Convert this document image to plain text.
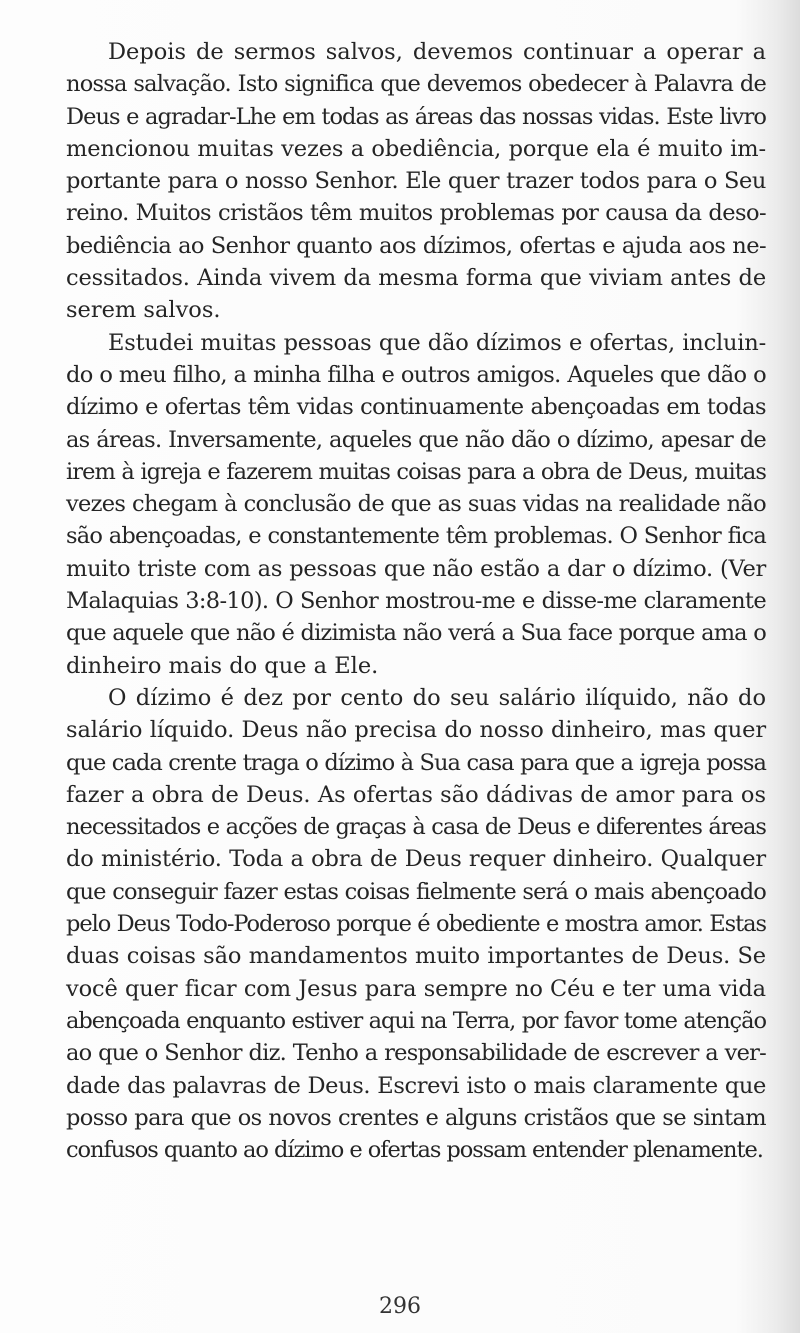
Depois de sermos salvos, devemos continuar a operar a
nossa salvação. Isto significa que devemos obedecer à Palavra de
Deus e agradar-Lhe em todas as áreas das nossas vidas. Este livro
mencionou muitas vezes a obediência, porque ela é muito im-
portante para o nosso Senhor. Ele quer trazer todos para o Seu
reino. Muitos cristãos têm muitos problemas por causa da deso-
bediência ao Senhor quanto aos dízimos, ofertas e ajuda aos ne-
cessitados. Ainda vivem da mesma forma que viviam antes de
serem salvos.

Estudei muitas pessoas que dão dízimos e ofertas, incluin-
do o meu filho, a minha filha e outros amigos. Aqueles que dão o
dízimo e ofertas têm vidas continuamente abençoadas em todas
as áreas. Inversamente, aqueles que não dão o dízimo, apesar de
irem à igreja e fazerem muitas coisas para a obra de Deus, muitas
vezes chegam à conclusão de que as suas vidas na realidade não
são abençoadas, e constantemente têm problemas. O Senhor fica
muito triste com as pessoas que não estão a dar o dízimo. (Ver
Malaquias 3:8-10). O Senhor mostrou-me e disse-me claramente
que aquele que não é dizimista não verá a Sua face porque ama o
dinheiro mais do que a Ele.

O dízimo é dez por cento do seu salário ilíquido, não do
salário líquido. Deus não precisa do nosso dinheiro, mas quer
que cada crente traga o dízimo à Sua casa para que a igreja possa
fazer a obra de Deus. As ofertas são dádivas de amor para os
necessitados e acções de graças à casa de Deus e diferentes áreas
do ministério. Toda a obra de Deus requer dinheiro. Qualquer
que conseguir fazer estas coisas fielmente será o mais abençoado
pelo Deus Todo-Poderoso porque é obediente e mostra amor. Estas
duas coisas são mandamentos muito importantes de Deus. Se
você quer ficar com Jesus para sempre no Céu e ter uma vida
abençoada enquanto estiver aqui na Terra, por favor tome atenção
ao que o Senhor diz. Tenho a responsabilidade de escrever a ver-
dade das palavras de Deus. Escrevi isto o mais claramente que
posso para que os novos crentes e alguns cristãos que se sintam
confusos quanto ao dízimo e ofertas possam entender plenamente.

296
